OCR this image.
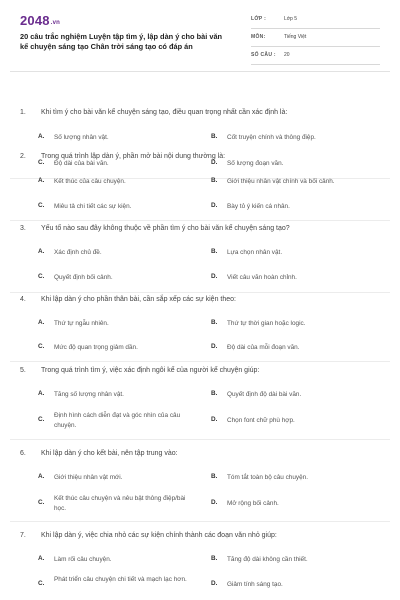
2048.vn
20 câu trắc nghiệm Luyện tập tìm ý, lập dàn ý cho bài văn kể chuyện sáng tạo Chân trời sáng tạo có đáp án
LỚP :	Lớp 5
MÔN:	Tiếng Việt
SỐ CÂU : 20
1. Khi tìm ý cho bài văn kể chuyện sáng tạo, điều quan trọng nhất cần xác định là:
A. Số lượng nhân vật.	B. Cốt truyện chính và thông điệp.
C. Độ dài của bài văn.	D. Số lượng đoạn văn.
2. Trong quá trình lập dàn ý, phần mở bài nội dung thường là:
A. Kết thúc của câu chuyện.	B. Giới thiệu nhân vật chính và bối cảnh.
C. Miêu tả chi tiết các sự kiện.	D. Bày tỏ ý kiến cá nhân.
3. Yếu tố nào sau đây không thuộc về phần tìm ý cho bài văn kể chuyện sáng tạo?
A. Xác định chủ đề.	B. Lựa chọn nhân vật.
C. Quyết định bối cảnh.	D. Viết câu văn hoàn chỉnh.
4. Khi lập dàn ý cho phần thân bài, cần sắp xếp các sự kiện theo:
A. Thứ tự ngẫu nhiên.	B. Thứ tự thời gian hoặc logic.
C. Mức độ quan trọng giảm dần.	D. Độ dài của mỗi đoạn văn.
5. Trong quá trình tìm ý, việc xác định ngôi kể của người kể chuyện giúp:
A. Tăng số lượng nhân vật.	B. Quyết định độ dài bài văn.
C.
Định hình cách diễn đạt và góc nhìn của câu chuyện.
D. Chọn font chữ phù hợp.
6. Khi lập dàn ý cho kết bài, nên tập trung vào:
A. Giới thiệu nhân vật mới.	B. Tóm tắt toàn bộ câu chuyện.
C.
Kết thúc câu chuyện và nêu bật thông điệp/bài học.
D. Mở rộng bối cảnh.
7. Khi lập dàn ý, việc chia nhỏ các sự kiện chính thành các đoạn văn nhỏ giúp:
A. Làm rối câu chuyện.	B. Tăng độ dài không cần thiết.
C.
Phát triển câu chuyện chi tiết và mạch lạc hơn.
D. Giảm tính sáng tạo.
